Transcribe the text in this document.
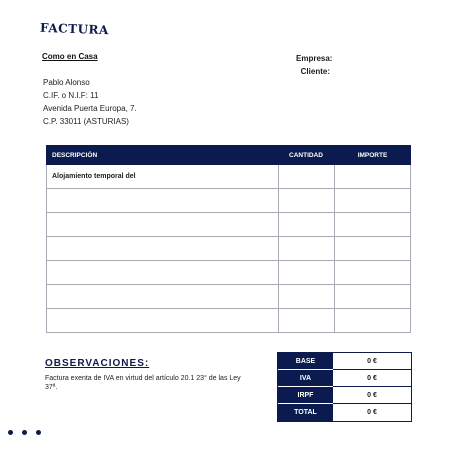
FACTURA
Como en Casa	Empresa:
Cliente:
Pablo Alonso
C.IF. o N.I.F: 11
Avenida Puerta Europa, 7.
C.P. 33011 (ASTURIAS)
DESCRIPCIÓN	CANTIDAD	IMPORTE
Alojamiento temporal del
OBSERVACIONES:
Factura exenta de IVA en virtud del artículo 20.1 23° de las Ley 37ª.
BASE	0 €
IVA	0 €
IRPF	0 €
TOTAL	0 €
